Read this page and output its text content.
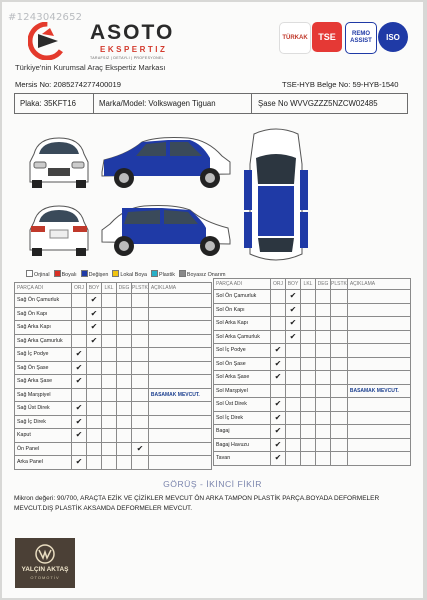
#1243042652
ASOTO
EKSPERTIZ
TARAFSIZ | DETAYLI | PROFESYONEL
TÜRKAK TSE	REMO ASSIST	ISO
Türkiye'nin Kurumsal Araç Ekspertiz Markası
Mersis No: 2085274277400019	TSE-HYB Belge No: 59-HYB-1540
Plaka: 35KFT16	Marka/Model: Volkswagen Tiguan	Şase No WVVGZZZ5NZCW02485
Orjinal	Boyalı	Değişen	Lokal Boya	Plastik	Boyasız Onarım
PARÇA ADI	ORJ	BOY	LKL	DEG	PLSTK	AÇIKLAMA
Sağ Ön Çamurluk		✔				
Sağ Ön Kapı		✔				
Sağ Arka Kapı		✔				
Sağ Arka Çamurluk		✔				
Sağ İç Podye	✔					
Sağ Ön Şase	✔					
Sağ Arka Şase	✔					
Sağ Marşpiyel						BASAMAK MEVCUT.
Sağ Üst Direk	✔					
Sağ İç Direk	✔					
Kaput	✔					
Ön Panel					✔	
Arka Panel	✔					
PARÇA ADI	ORJ	BOY	LKL	DEG	PLSTK	AÇIKLAMA
Sol Ön Çamurluk		✔				
Sol Ön Kapı		✔				
Sol Arka Kapı		✔				
Sol Arka Çamurluk		✔				
Sol İç Podye	✔					
Sol Ön Şase	✔					
Sol Arka Şase	✔					
Sol Marşpiyel						BASAMAK MEVCUT.
Sol Üst Direk	✔					
Sol İç Direk	✔					
Bagaj	✔					
Bagaj Havuzu	✔					
Tavan	✔					
GÖRÜŞ - İKİNCİ FİKİR
Mikron değeri: 90/700, ARAÇTA EZİK VE ÇİZİKLER MEVCUT ÖN ARKA TAMPON PLASTİK PARÇA.BOYADA DEFORMELER MEVCUT.DIŞ PLASTİK AKSAMDA DEFORMELER MEVCUT.
YALÇIN AKTAŞ
OTOMOTİV
